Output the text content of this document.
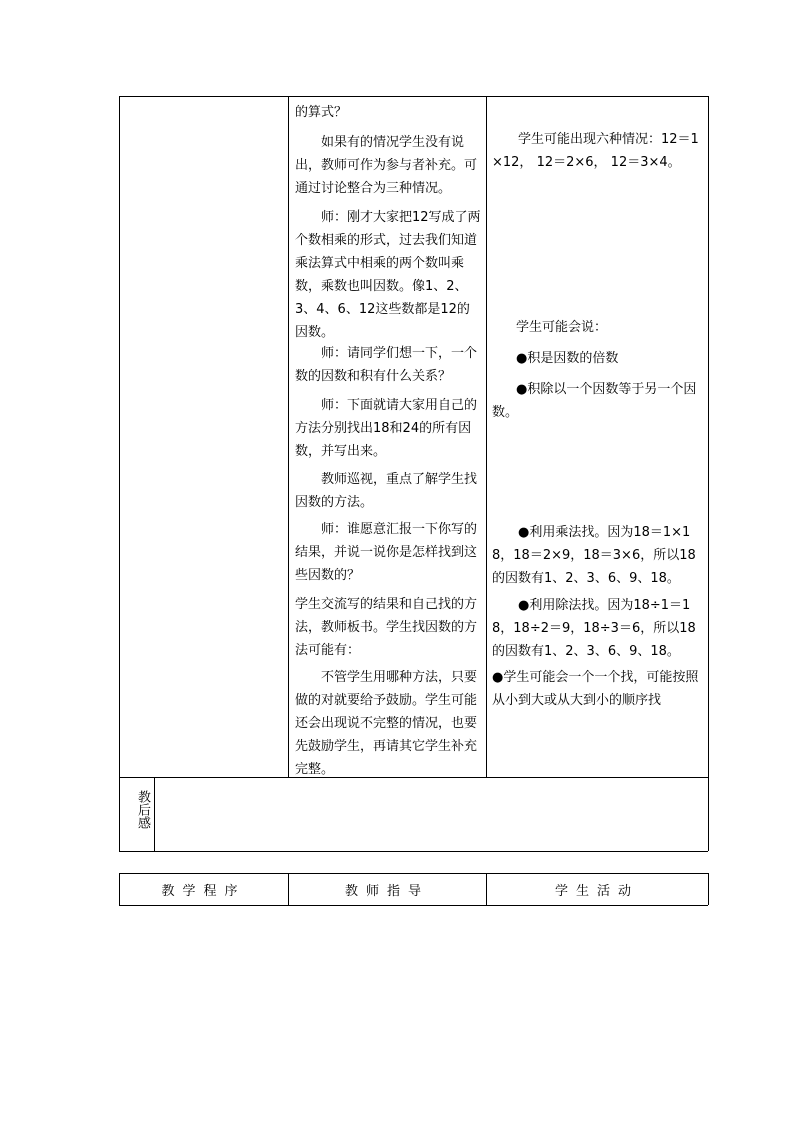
的算式？

如果有的情况学生没有说出，教师可作为参与者补充。可通过讨论整合为三种情况。

师：刚才大家把12写成了两个数相乘的形式，过去我们知道乘法算式中相乘的两个数叫乘数，乘数也叫因数。像1、2、3、4、6、12这些数都是12的因数。

师：请同学们想一下，一个数的因数和积有什么关系？

师：下面就请大家用自己的方法分别找出18和24的所有因数，并写出来。

教师巡视，重点了解学生找因数的方法。

师：谁愿意汇报一下你写的结果，并说一说你是怎样找到这些因数的？

学生交流写的结果和自己找的方法，教师板书。学生找因数的方法可能有：

不管学生用哪种方法，只要做的对就要给予鼓励。学生可能还会出现说不完整的情况，也要先鼓励学生，再请其它学生补充完整。

学生可能出现六种情况：12＝1×12， 12＝2×6， 12＝3×4。

学生可能会说：

●积是因数的倍数

●积除以一个因数等于另一个因数。

●利用乘法找。因为18＝1×18，18＝2×9，18＝3×6，所以18的因数有1、2、3、6、9、18。

●利用除法找。因为18÷1＝18，18÷2＝9，18÷3＝6，所以18的因数有1、2、3、6、9、18。

●学生可能会一个一个找，可能按照从小到大或从大到小的顺序找

教后感
教学程序	教师指导	学生活动
